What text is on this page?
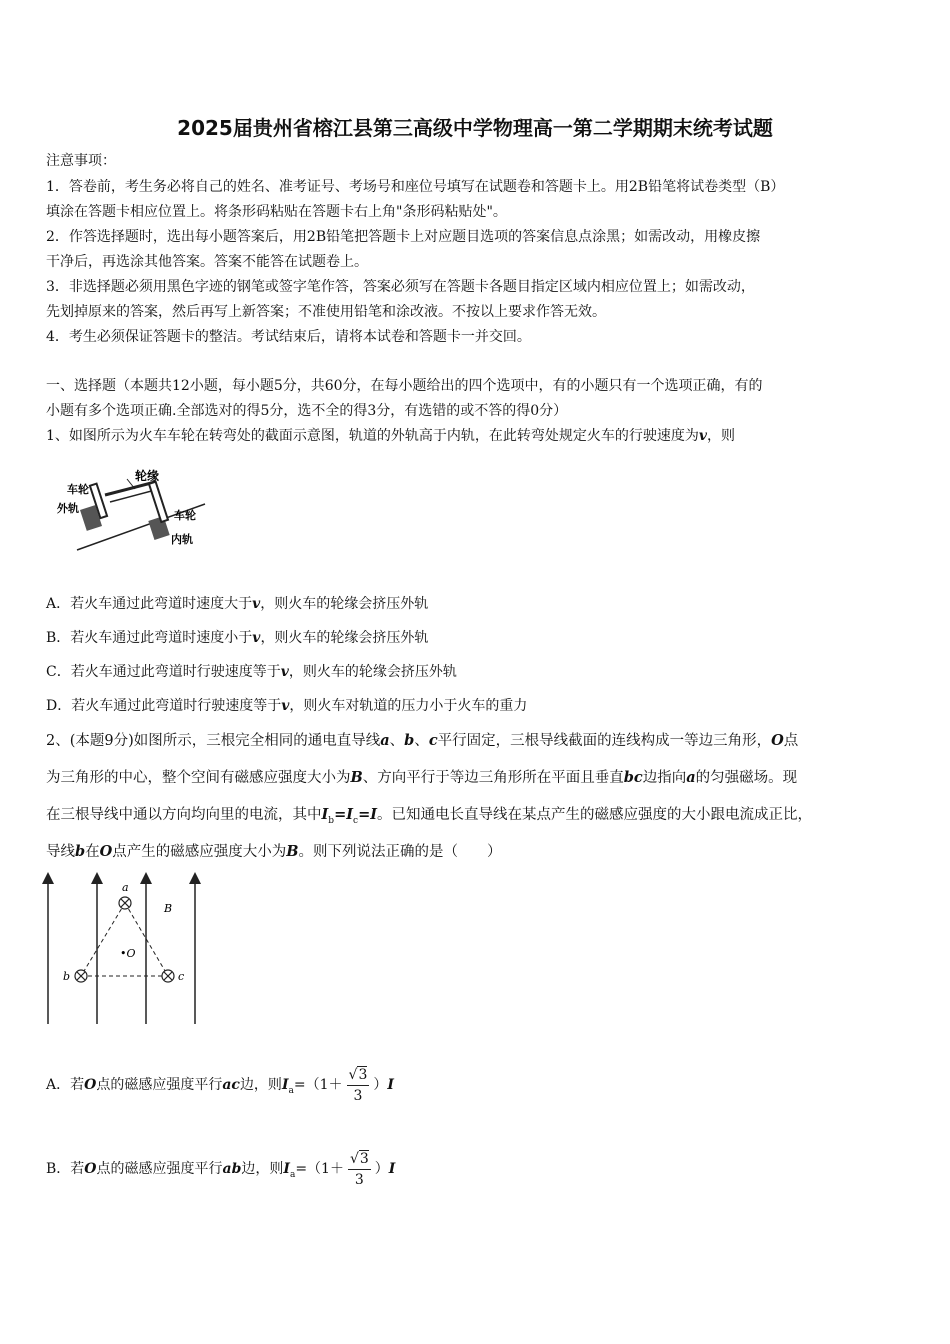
2025届贵州省榕江县第三高级中学物理高一第二学期期末统考试题
注意事项：
1．答卷前，考生务必将自己的姓名、准考证号、考场号和座位号填写在试题卷和答题卡上。用2B铅笔将试卷类型（B）
填涂在答题卡相应位置上。将条形码粘贴在答题卡右上角"条形码粘贴处"。
2．作答选择题时，选出每小题答案后，用2B铅笔把答题卡上对应题目选项的答案信息点涂黑；如需改动，用橡皮擦
干净后，再选涂其他答案。答案不能答在试题卷上。
3．非选择题必须用黑色字迹的钢笔或签字笔作答，答案必须写在答题卡各题目指定区域内相应位置上；如需改动，
先划掉原来的答案，然后再写上新答案；不准使用铅笔和涂改液。不按以上要求作答无效。
4．考生必须保证答题卡的整洁。考试结束后，请将本试卷和答题卡一并交回。
一、选择题（本题共12小题，每小题5分，共60分，在每小题给出的四个选项中，有的小题只有一个选项正确，有的
小题有多个选项正确.全部选对的得5分，选不全的得3分，有选错的或不答的得0分）
1、如图所示为火车车轮在转弯处的截面示意图，轨道的外轨高于内轨，在此转弯处规定火车的行驶速度为v，则
轮缘
车轮
外轨
车轮
内轨
A．若火车通过此弯道时速度大于v，则火车的轮缘会挤压外轨
B．若火车通过此弯道时速度小于v，则火车的轮缘会挤压外轨
C．若火车通过此弯道时行驶速度等于v，则火车的轮缘会挤压外轨
D．若火车通过此弯道时行驶速度等于v，则火车对轨道的压力小于火车的重力
2、(本题9分)如图所示，三根完全相同的通电直导线a、b、c平行固定，三根导线截面的连线构成一等边三角形，O点
为三角形的中心，整个空间有磁感应强度大小为B、方向平行于等边三角形所在平面且垂直bc边指向a的匀强磁场。现
在三根导线中通以方向均向里的电流，其中$I_b=I_c=I$。已知通电长直导线在某点产生的磁感应强度的大小跟电流成正比，
导线b在O点产生的磁感应强度大小为B。则下列说法正确的是（　　）
a
b	c
•O
B
A．若O点的磁感应强度平行ac边，则$I_a=(1+ \frac{√3}{3} )I$
B．若O点的磁感应强度平行ab边，则$I_a=(1+ \frac{√3}{3} )I$
